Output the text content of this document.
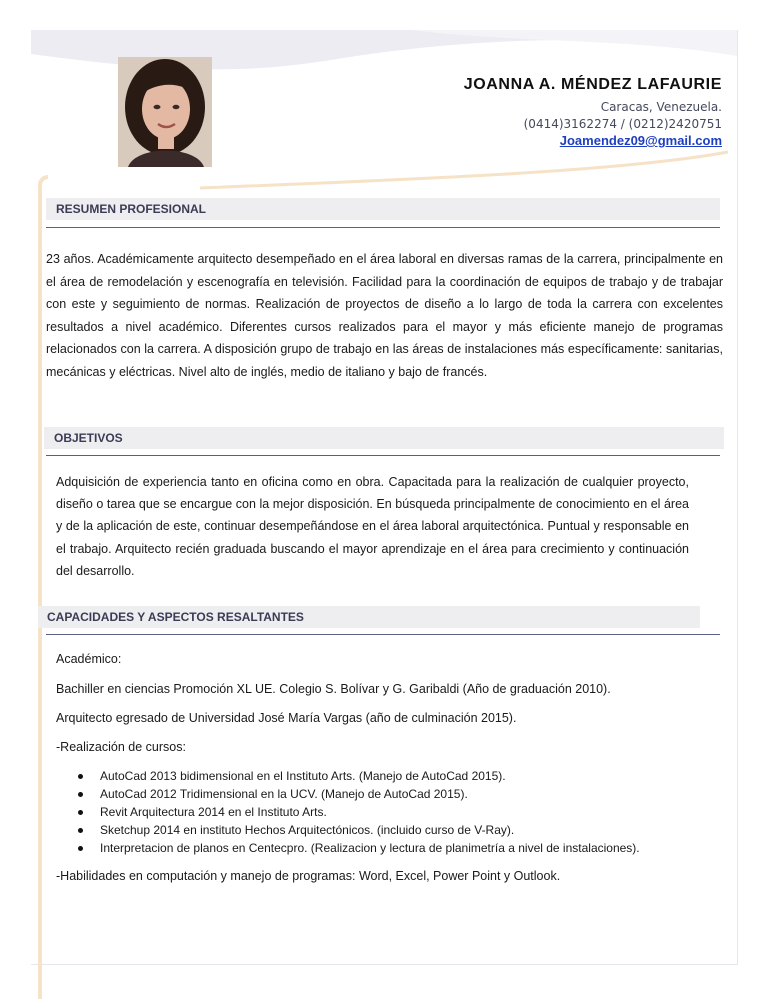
JOANNA A. MÉNDEZ LAFAURIE
Caracas, Venezuela.
(0414)3162274 / (0212)2420751
Joamendez09@gmail.com
RESUMEN PROFESIONAL

23 años. Académicamente arquitecto desempeñado en el área laboral en diversas ramas de la carrera, principalmente en el área de remodelación y escenografía en televisión. Facilidad para la coordinación de equipos de trabajo y de trabajar con este y seguimiento de normas. Realización de proyectos de diseño a lo largo de toda la carrera con excelentes resultados a nivel académico. Diferentes cursos realizados para el mayor y más eficiente manejo de programas relacionados con la carrera. A disposición grupo de trabajo en las áreas de instalaciones más específicamente: sanitarias, mecánicas y eléctricas. Nivel alto de inglés, medio de italiano y bajo de francés.

OBJETIVOS

Adquisición de experiencia tanto en oficina como en obra. Capacitada para la realización de cualquier proyecto, diseño o tarea que se encargue con la mejor disposición. En búsqueda principalmente de conocimiento en el área y de la aplicación de este, continuar desempeñándose en el área laboral arquitectónica. Puntual y responsable en el trabajo. Arquitecto recién graduada buscando el mayor aprendizaje en el área para crecimiento y continuación del desarrollo.

CAPACIDADES Y ASPECTOS RESALTANTES
Académico:
Bachiller en ciencias Promoción XL UE. Colegio S. Bolívar y G. Garibaldi (Año de graduación 2010).
Arquitecto egresado de Universidad José María Vargas (año de culminación 2015).
-Realización de cursos:
AutoCad 2013 bidimensional en el Instituto Arts. (Manejo de AutoCad 2015).
AutoCad 2012 Tridimensional en la UCV. (Manejo de AutoCad 2015).
Revit Arquitectura 2014 en el Instituto Arts.
Sketchup 2014 en instituto Hechos Arquitectónicos. (incluido curso de V-Ray).
Interpretacion de planos en Centecpro. (Realizacion y lectura de planimetría a nivel de instalaciones).
-Habilidades en computación y manejo de programas: Word, Excel, Power Point y Outlook.
